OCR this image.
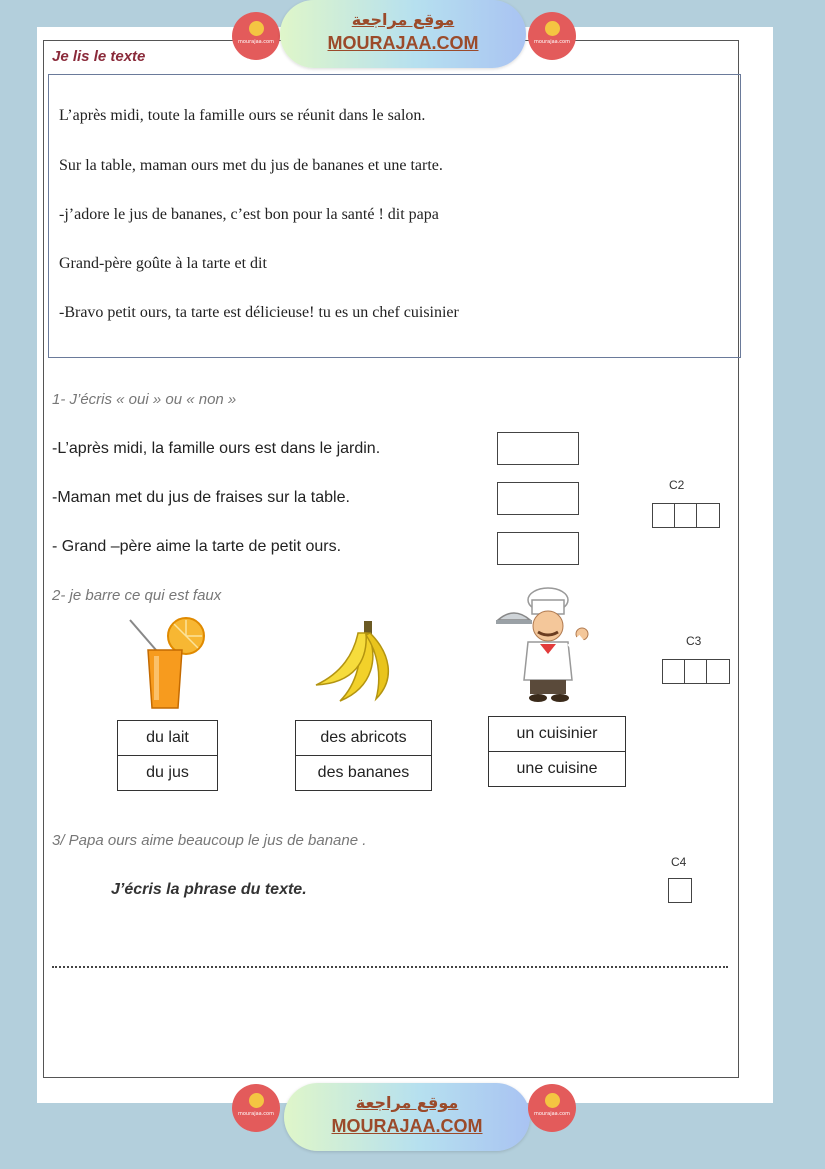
mourajaa.com
موقع مراجعة
MOURAJAA.COM	mourajaa.com
Je lis le texte

L’après midi, toute la famille ours se réunit dans le salon.

Sur la table, maman ours met du jus de bananes et une tarte.

-j’adore le jus de bananes, c’est bon pour la santé ! dit papa

Grand-père goûte à la tarte et dit

-Bravo petit ours, ta tarte est délicieuse! tu es un chef cuisinier

1- J’écris « oui » ou « non »
-L’après midi, la famille ours est dans le jardin.
-Maman met du jus de fraises sur la table.
- Grand –père aime la tarte de petit ours.
C2
2- je barre ce qui est faux
C3
du lait
du jus
des abricots
des bananes
un cuisinier
une cuisine
3/ Papa ours aime beaucoup le jus de banane .
J’écris la phrase du texte.
C4
mourajaa.com
موقع مراجعة
MOURAJAA.COM
mourajaa.com
